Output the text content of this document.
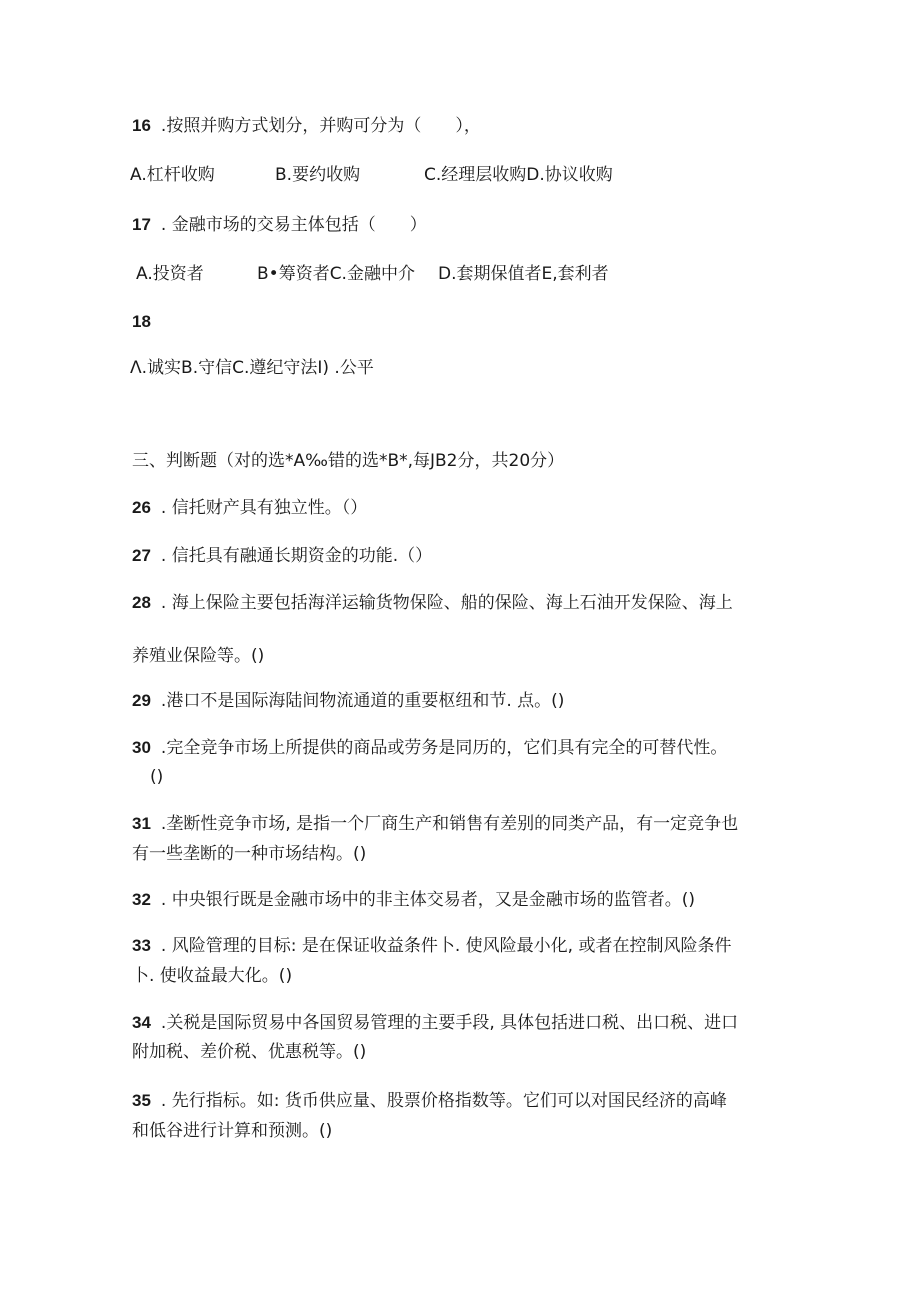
16 .按照并购方式划分，并购可分为（　　），
A.杠杆收购	B.要约收购	C.经理层收购D.协议收购
17 . 金融市场的交易主体包括（　　）
A.投资者	B•筹资者C.金融中介 D.套期保值者E,套利者
18
Λ.诚实B.守信C.遵纪守法I) .公平
三、判断题（对的选*A‰错的选*B*,每JB2分，共20分）
26 . 信托财产具有独立性。（）
27 . 信托具有融通长期资金的功能.（）
28 . 海上保险主要包括海洋运输货物保险、船的保险、海上石油开发保险、海上
养殖业保险等。()
29 .港口不是国际海陆间物流通道的重要枢纽和节. 点。()
30 .完全竞争市场上所提供的商品或劳务是同历的，它们具有完全的可替代性。
()
31 .垄断性竞争市场, 是指一个厂商生产和销售有差别的同类产品，有一定竞争也
有一些垄断的一种市场结构。()
32 . 中央银行既是金融市场中的非主体交易者，又是金融市场的监管者。()
33 . 风险管理的目标: 是在保证收益条件卜. 使风险最小化, 或者在控制风险条件
卜. 使收益最大化。()
34 .关税是国际贸易中各国贸易管理的主要手段, 具体包括进口税、出口税、进口
附加税、差价税、优惠税等。()
35 . 先行指标。如: 货币供应量、股票价格指数等。它们可以对国民经济的高峰
和低谷进行计算和预测。()
